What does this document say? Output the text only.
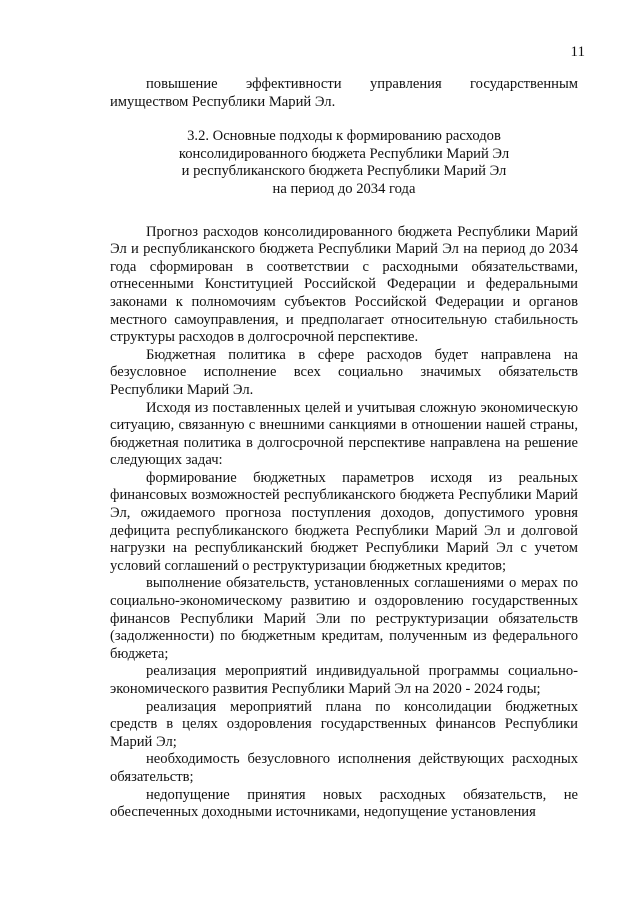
11

повышение эффективности управления государственным имуществом Республики Марий Эл.

3.2. Основные подходы к формированию расходов
консолидированного бюджета Республики Марий Эл
и республиканского бюджета Республики Марий Эл
на период до 2034 года

Прогноз расходов консолидированного бюджета Республики Марий Эл и республиканского бюджета Республики Марий Эл на период до 2034 года сформирован в соответствии с расходными обязательствами, отнесенными Конституцией Российской Федерации и федеральными законами к полномочиям субъектов Российской Федерации и органов местного самоуправления, и предполагает относительную стабильность структуры расходов в долгосрочной перспективе.

Бюджетная политика в сфере расходов будет направлена на безусловное исполнение всех социально значимых обязательств Республики Марий Эл.

Исходя из поставленных целей и учитывая сложную экономическую ситуацию, связанную с внешними санкциями в отношении нашей страны, бюджетная политика в долгосрочной перспективе направлена на решение следующих задач:

формирование бюджетных параметров исходя из реальных финансовых возможностей республиканского бюджета Республики Марий Эл, ожидаемого прогноза поступления доходов, допустимого уровня дефицита республиканского бюджета Республики Марий Эл и долговой нагрузки на республиканский бюджет Республики Марий Эл с учетом условий соглашений о реструктуризации бюджетных кредитов;

выполнение обязательств, установленных соглашениями о мерах по социально-экономическому развитию и оздоровлению государственных финансов Республики Марий Эли по реструктуризации обязательств (задолженности) по бюджетным кредитам, полученным из федерального бюджета;

реализация мероприятий индивидуальной программы социально-экономического развития Республики Марий Эл на 2020 - 2024 годы;

реализация мероприятий плана по консолидации бюджетных средств в целях оздоровления государственных финансов Республики Марий Эл;

необходимость безусловного исполнения действующих расходных обязательств;

недопущение принятия новых расходных обязательств, не обеспеченных доходными источниками, недопущение установления
